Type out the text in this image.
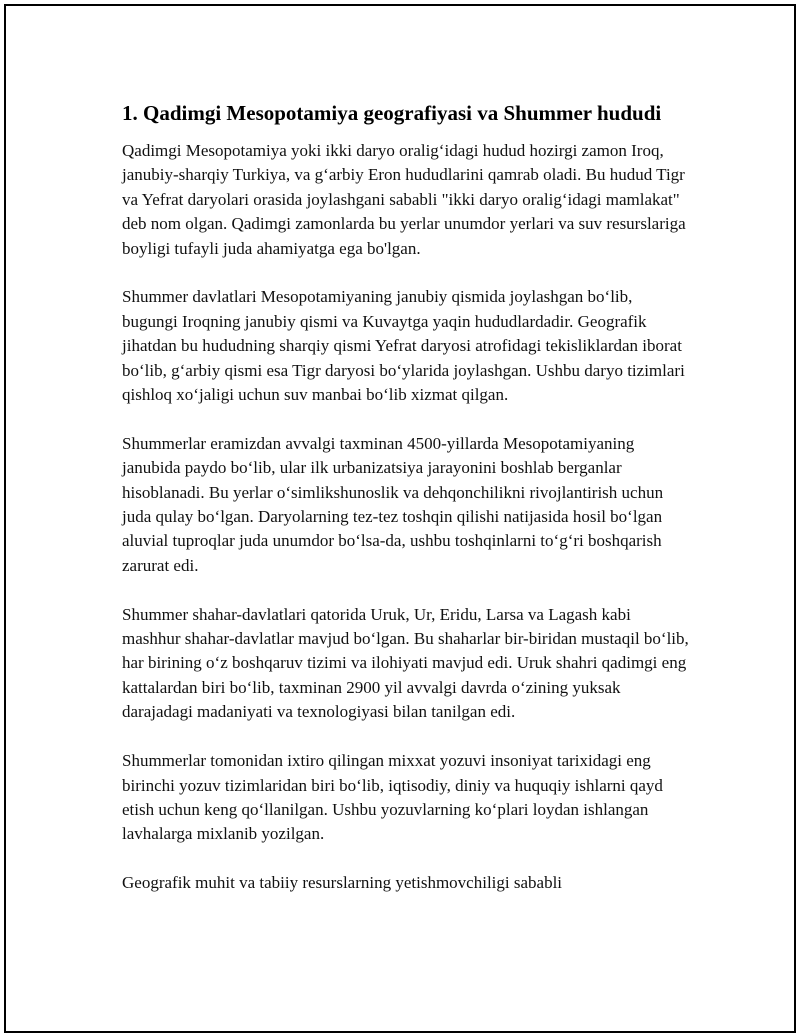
1. Qadimgi Mesopotamiya geografiyasi va Shummer hududi

Qadimgi Mesopotamiya yoki ikki daryo oralig‘idagi hudud hozirgi zamon Iroq, janubiy-sharqiy Turkiya, va g‘arbiy Eron hududlarini qamrab oladi. Bu hudud Tigr va Yefrat daryolari orasida joylashgani sababli "ikki daryo oralig‘idagi mamlakat" deb nom olgan. Qadimgi zamonlarda bu yerlar unumdor yerlari va suv resurslariga boyligi tufayli juda ahamiyatga ega bo'lgan.

Shummer davlatlari Mesopotamiyaning janubiy qismida joylashgan bo‘lib, bugungi Iroqning janubiy qismi va Kuvaytga yaqin hududlardadir. Geografik jihatdan bu hududning sharqiy qismi Yefrat daryosi atrofidagi tekisliklardan iborat bo‘lib, g‘arbiy qismi esa Tigr daryosi bo‘ylarida joylashgan. Ushbu daryo tizimlari qishloq xo‘jaligi uchun suv manbai bo‘lib xizmat qilgan.

Shummerlar eramizdan avvalgi taxminan 4500-yillarda Mesopotamiyaning janubida paydo bo‘lib, ular ilk urbanizatsiya jarayonini boshlab berganlar hisoblanadi. Bu yerlar o‘simlikshunoslik va dehqonchilikni rivojlantirish uchun juda qulay bo‘lgan. Daryolarning tez-tez toshqin qilishi natijasida hosil bo‘lgan aluvial tuproqlar juda unumdor bo‘lsa-da, ushbu toshqinlarni to‘g‘ri boshqarish zarurat edi.

Shummer shahar-davlatlari qatorida Uruk, Ur, Eridu, Larsa va Lagash kabi mashhur shahar-davlatlar mavjud bo‘lgan. Bu shaharlar bir-biridan mustaqil bo‘lib, har birining o‘z boshqaruv tizimi va ilohiyati mavjud edi. Uruk shahri qadimgi eng kattalardan biri bo‘lib, taxminan 2900 yil avvalgi davrda o‘zining yuksak darajadagi madaniyati va texnologiyasi bilan tanilgan edi.

Shummerlar tomonidan ixtiro qilingan mixxat yozuvi insoniyat tarixidagi eng birinchi yozuv tizimlaridan biri bo‘lib, iqtisodiy, diniy va huquqiy ishlarni qayd etish uchun keng qo‘llanilgan. Ushbu yozuvlarning ko‘plari loydan ishlangan lavhalarga mixlanib yozilgan.

Geografik muhit va tabiiy resurslarning yetishmovchiligi sababli
